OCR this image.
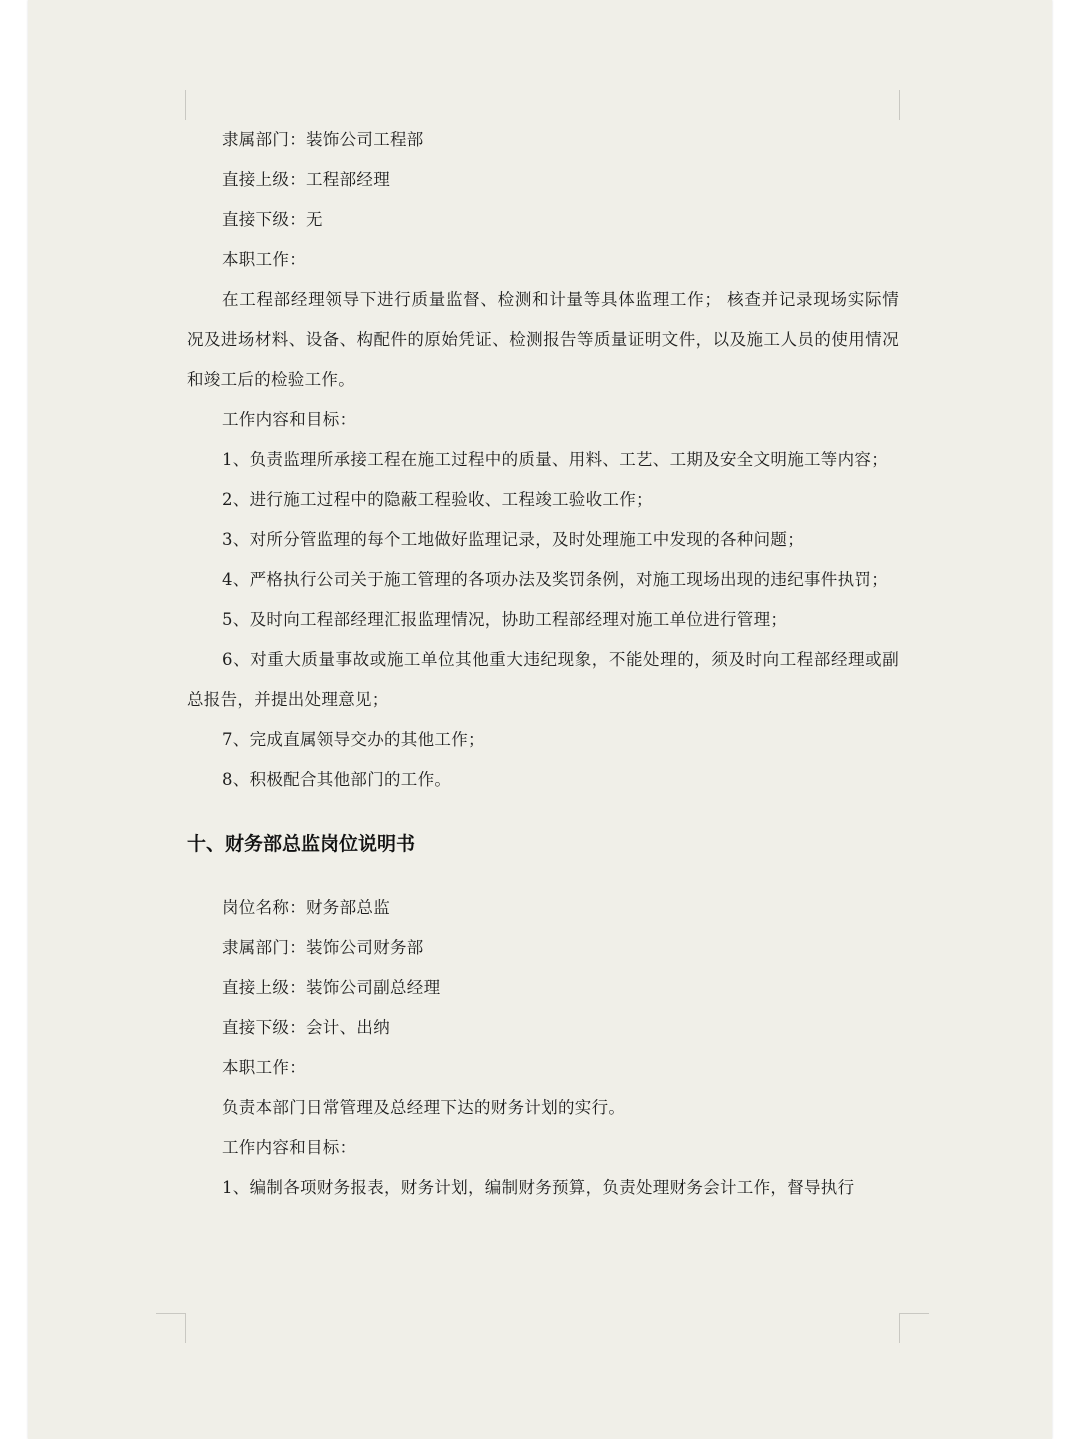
隶属部门：装饰公司工程部

直接上级：工程部经理

直接下级：无

本职工作：

在工程部经理领导下进行质量监督、检测和计量等具体监理工作； 核查并记录现场实际情况及进场材料、设备、构配件的原始凭证、检测报告等质量证明文件，以及施工人员的使用情况和竣工后的检验工作。

工作内容和目标：

1、负责监理所承接工程在施工过程中的质量、用料、工艺、工期及安全文明施工等内容；

2、进行施工过程中的隐蔽工程验收、工程竣工验收工作；

3、对所分管监理的每个工地做好监理记录，及时处理施工中发现的各种问题；

4、严格执行公司关于施工管理的各项办法及奖罚条例，对施工现场出现的违纪事件执罚；

5、及时向工程部经理汇报监理情况，协助工程部经理对施工单位进行管理；

6、对重大质量事故或施工单位其他重大违纪现象，不能处理的，须及时向工程部经理或副总报告，并提出处理意见；

7、完成直属领导交办的其他工作；

8、积极配合其他部门的工作。

十、财务部总监岗位说明书

岗位名称：财务部总监

隶属部门：装饰公司财务部

直接上级：装饰公司副总经理

直接下级：会计、出纳

本职工作：

负责本部门日常管理及总经理下达的财务计划的实行。

工作内容和目标：

1、编制各项财务报表，财务计划，编制财务预算，负责处理财务会计工作，督导执行
